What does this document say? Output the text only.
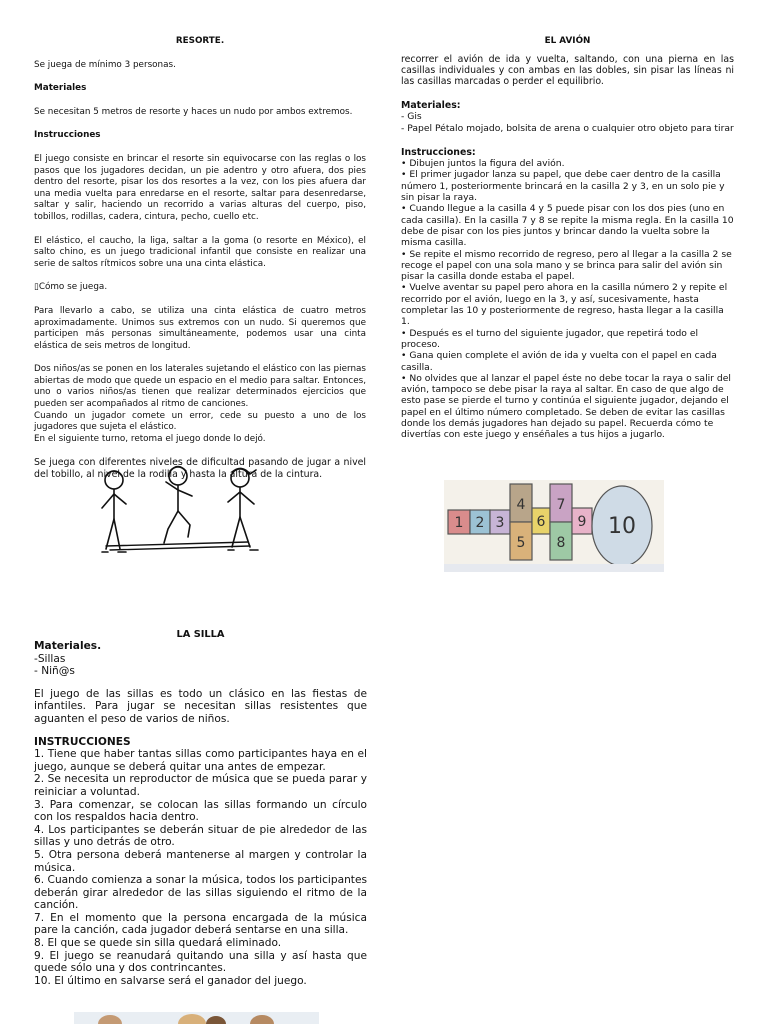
RESORTE.

Se juega de mínimo 3 personas.

Materiales

Se necesitan 5 metros de resorte y haces un nudo por ambos extremos.

Instrucciones

El juego consiste en brincar el resorte sin equivocarse con las reglas o los pasos que los jugadores decidan, un pie adentro y otro afuera, dos pies dentro del resorte, pisar los dos resortes a la vez, con los pies afuera dar una media vuelta para enredarse en el resorte, saltar para desenredarse, saltar y salir, haciendo un recorrido a varias alturas del cuerpo, piso, tobillos, rodillas, cadera, cintura, pecho, cuello etc.

El elástico, el caucho, la liga, saltar a la goma (o resorte en México), el salto chino, es un juego tradicional infantil que consiste en realizar una serie de saltos rítmicos sobre una una cinta elástica.

▯Cómo se juega.

Para llevarlo a cabo, se utiliza una cinta elástica de cuatro metros aproximadamente. Unimos sus extremos con un nudo. Si queremos que participen más personas simultáneamente, podemos usar una cinta elástica de seis metros de longitud.

Dos niños/as se ponen en los laterales sujetando el elástico con las piernas abiertas de modo que quede un espacio en el medio para saltar. Entonces, uno o varios niños/as tienen que realizar determinados ejercicios que pueden ser acompañados al ritmo de canciones.

Cuando un jugador comete un error, cede su puesto a uno de los jugadores que sujeta el elástico.

En el siguiente turno, retoma el juego donde lo dejó.

Se juega con diferentes niveles de dificultad pasando de jugar a nivel del tobillo, al nivel de la rodilla y hasta la altura de la cintura.

EL AVIÓN

recorrer el avión de ida y vuelta, saltando, con una pierna en las casillas individuales y con ambas en las dobles, sin pisar las líneas ni las casillas marcadas o perder el equilibrio.

Materiales:

- Gis

- Papel Pétalo mojado, bolsita de arena o cualquier otro objeto para tirar

Instrucciones:

• Dibujen juntos la figura del avión.
• El primer jugador lanza su papel, que debe caer dentro de la casilla número 1, posteriormente brincará en la casilla 2 y 3, en un solo pie y sin pisar la raya.
• Cuando llegue a la casilla 4 y 5 puede pisar con los dos pies (uno en cada casilla). En la casilla 7 y 8 se repite la misma regla. En la casilla 10 debe de pisar con los pies juntos y brincar dando la vuelta sobre la misma casilla.
• Se repite el mismo recorrido de regreso, pero al llegar a la casilla 2 se recoge el papel con una sola mano y se brinca para salir del avión sin pisar la casilla donde estaba el papel.
• Vuelve aventar su papel pero ahora en la casilla número 2 y repite el recorrido por el avión, luego en la 3, y así, sucesivamente, hasta completar las 10 y posteriormente de regreso, hasta llegar a la casilla 1.
• Después es el turno del siguiente jugador, que repetirá todo el proceso.
• Gana quien complete el avión de ida y vuelta con el papel en cada casilla.
• No olvides que al lanzar el papel éste no debe tocar la raya o salir del avión, tampoco se debe pisar la raya al saltar. En caso de que algo de esto pase se pierde el turno y continúa el siguiente jugador, dejando el papel en el último número completado. Se deben de evitar las casillas donde los demás jugadores han dejado su papel. Recuerda cómo te divertías con este juego y enséñales a tus hijos a jugarlo.
1 2 3
4
5
6
7
8
9 10

LA SILLA

Materiales.

-Sillas

- Niñ@s

El juego de las sillas es todo un clásico en las fiestas de infantiles. Para jugar se necesitan sillas resistentes que aguanten el peso de varios de niños.

INSTRUCCIONES

1. Tiene que haber tantas sillas como participantes haya en el juego, aunque se deberá quitar una antes de empezar.
2. Se necesita un reproductor de música que se pueda parar y reiniciar a voluntad.
3. Para comenzar, se colocan las sillas formando un círculo con los respaldos hacia dentro.
4. Los participantes se deberán situar de pie alrededor de las sillas y uno detrás de otro.
5. Otra persona deberá mantenerse al margen y controlar la música.
6. Cuando comienza a sonar la música, todos los participantes deberán girar alrededor de las sillas siguiendo el ritmo de la canción.
7. En el momento que la persona encargada de la música pare la canción, cada jugador deberá sentarse en una silla.
8. El que se quede sin silla quedará eliminado.
9. El juego se reanudará quitando una silla y así hasta que quede sólo una y dos contrincantes.
10. El último en salvarse será el ganador del juego.
